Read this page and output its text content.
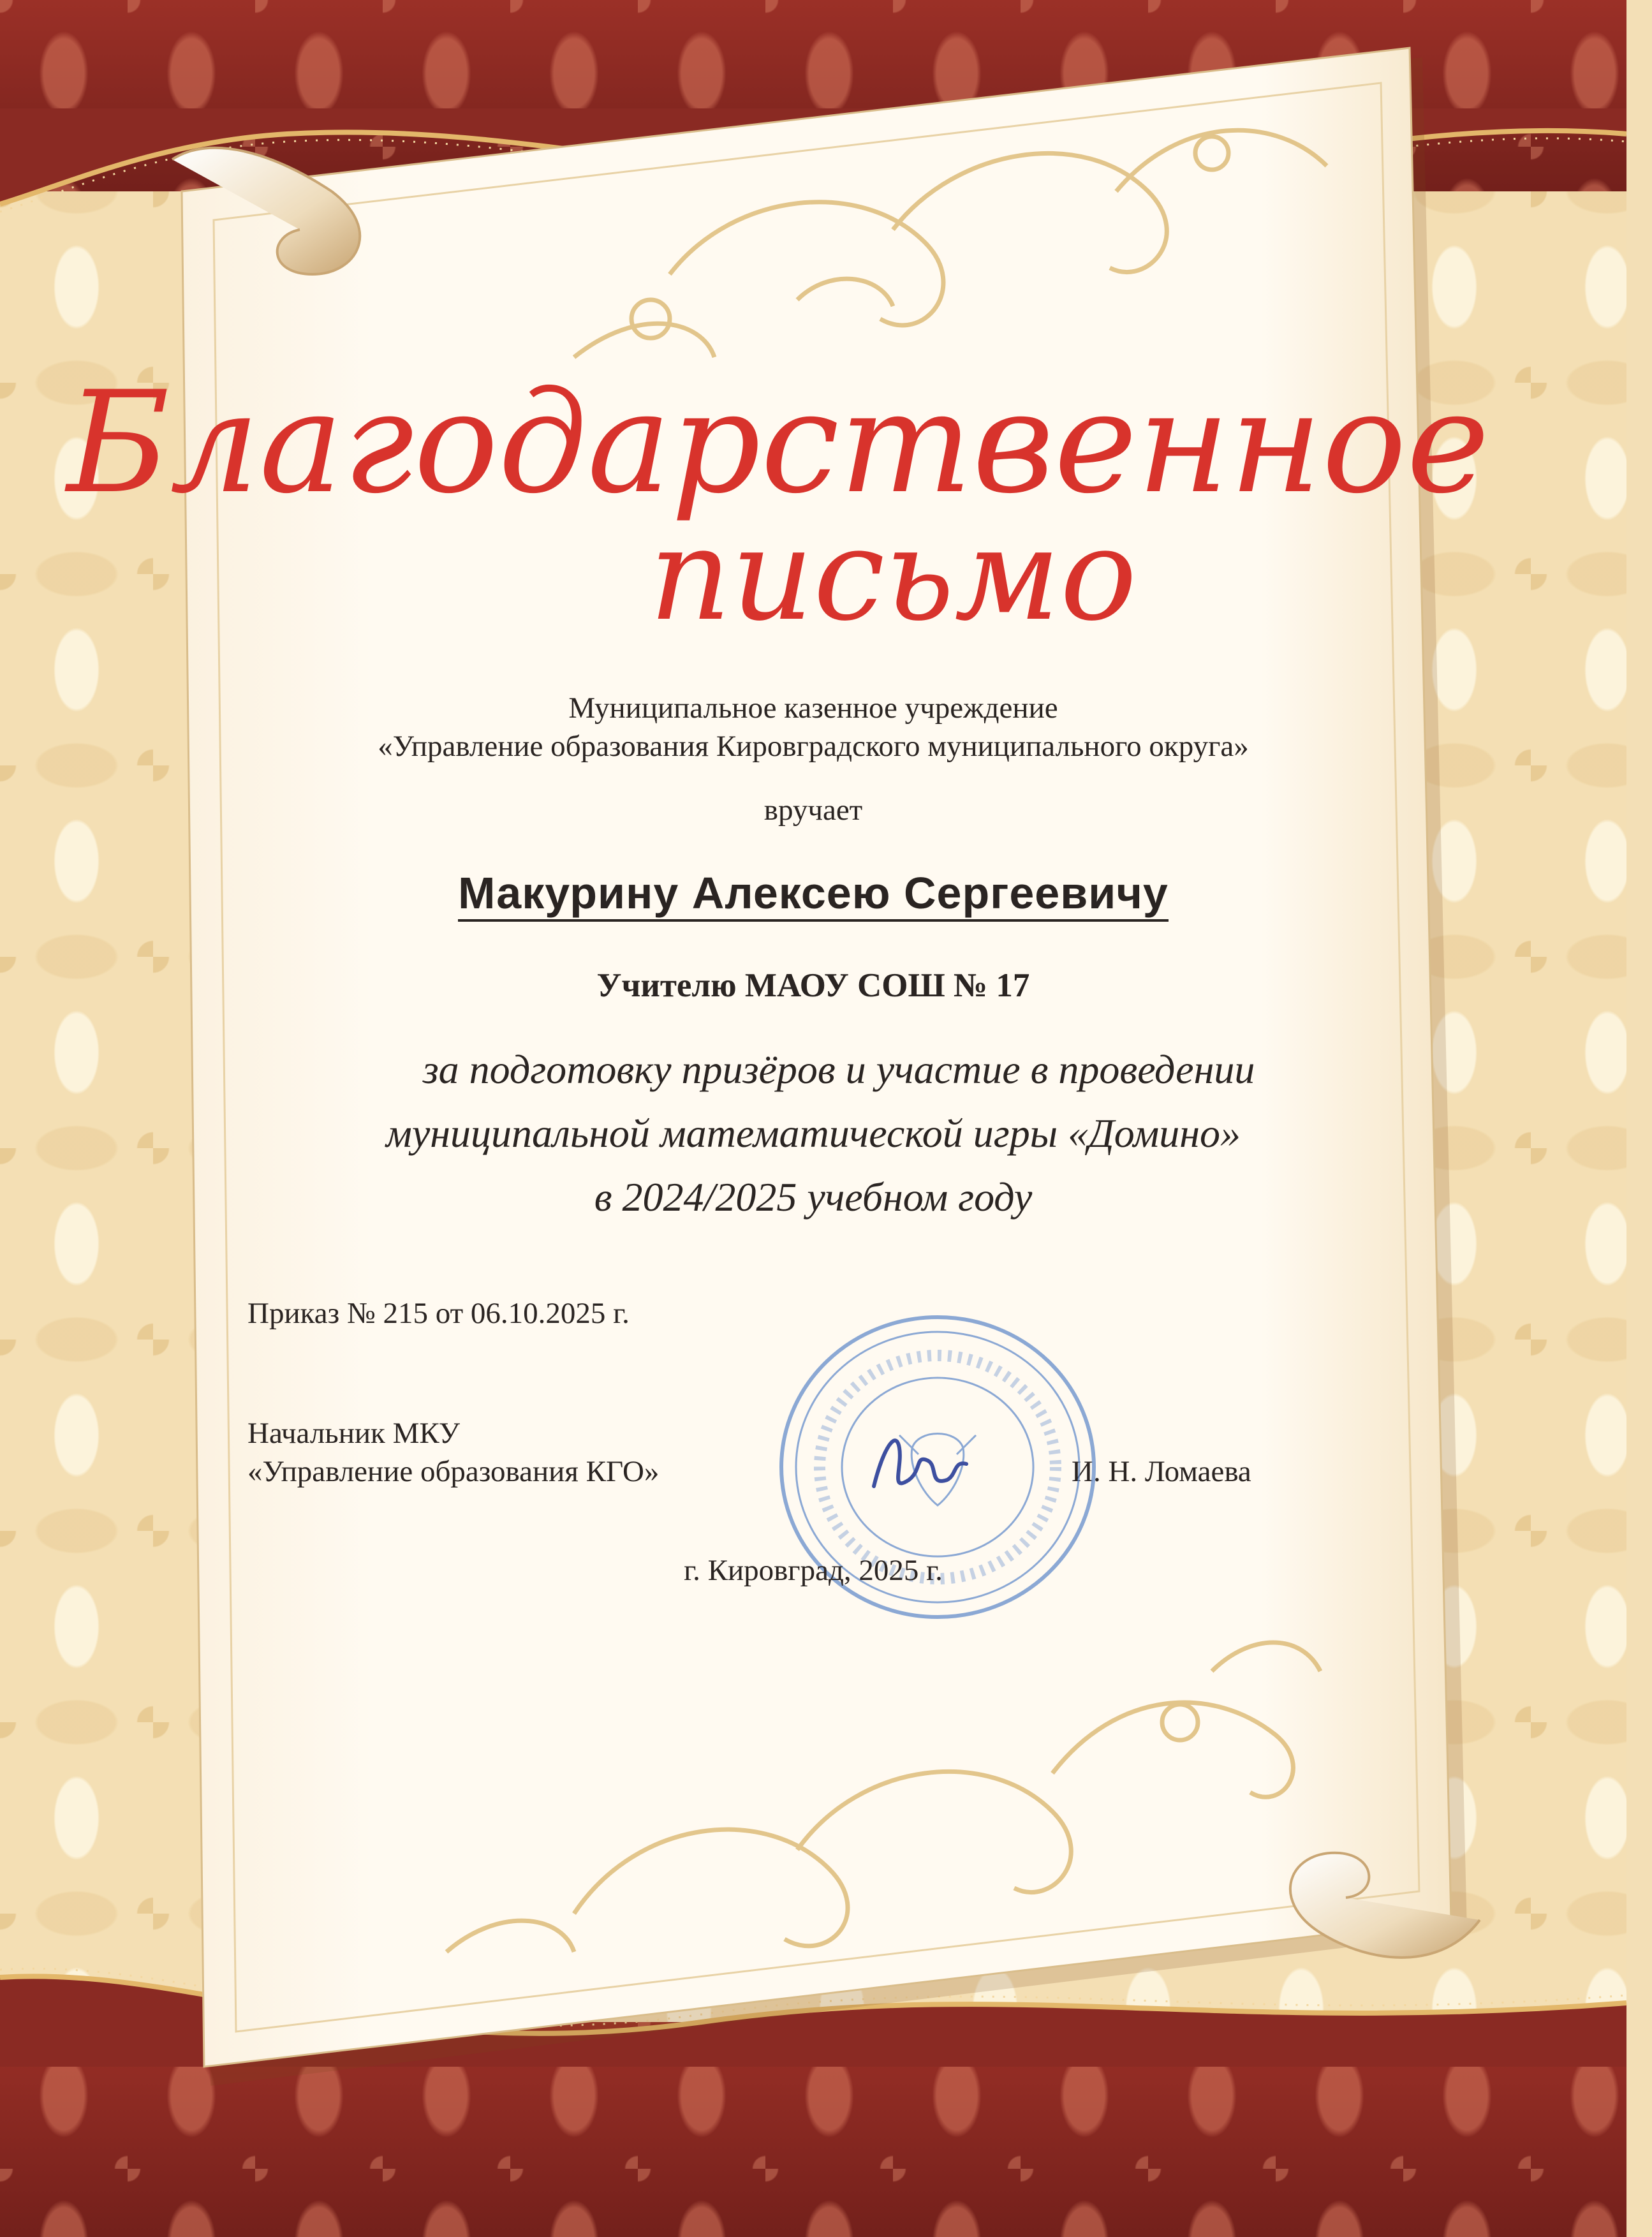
Благодарственное
письмо
Муниципальное казенное учреждение
«Управление образования Кировградского муниципального округа»
вручает
Макурину Алексею Сергеевичу
Учителю МАОУ СОШ № 17
за подготовку призёров и участие в проведении
муниципальной математической игры «Домино»
в 2024/2025 учебном году
Приказ № 215 от 06.10.2025 г.
Начальник МКУ
«Управление образования КГО»	И. Н. Ломаева
г. Кировград, 2025 г.
